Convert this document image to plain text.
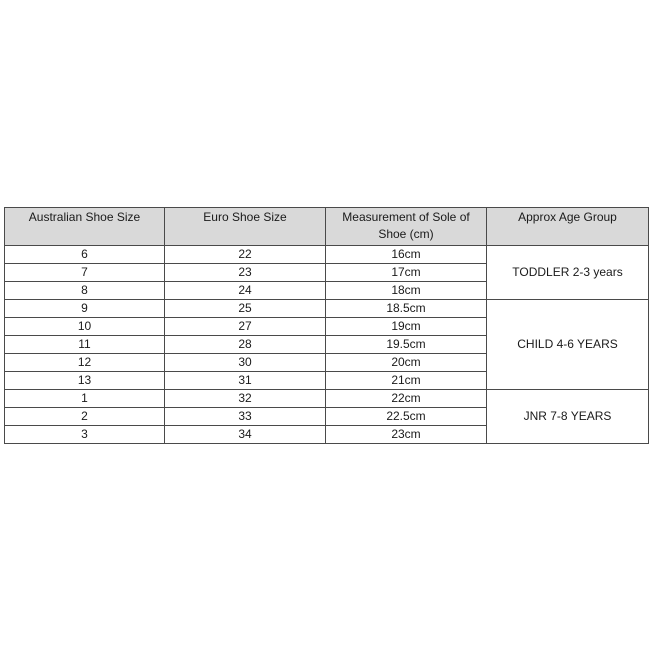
Australian Shoe Size	Euro Shoe Size	Measurement of Sole of Shoe (cm)	Approx Age Group
6	22	16cm	TODDLER 2-3 years
7	23	17cm	
8	24	18cm	
9	25	18.5cm	CHILD 4-6 YEARS
10	27	19cm	
11	28	19.5cm	
12	30	20cm	
13	31	21cm	
1	32	22cm	JNR 7-8 YEARS
2	33	22.5cm	
3	34	23cm	
